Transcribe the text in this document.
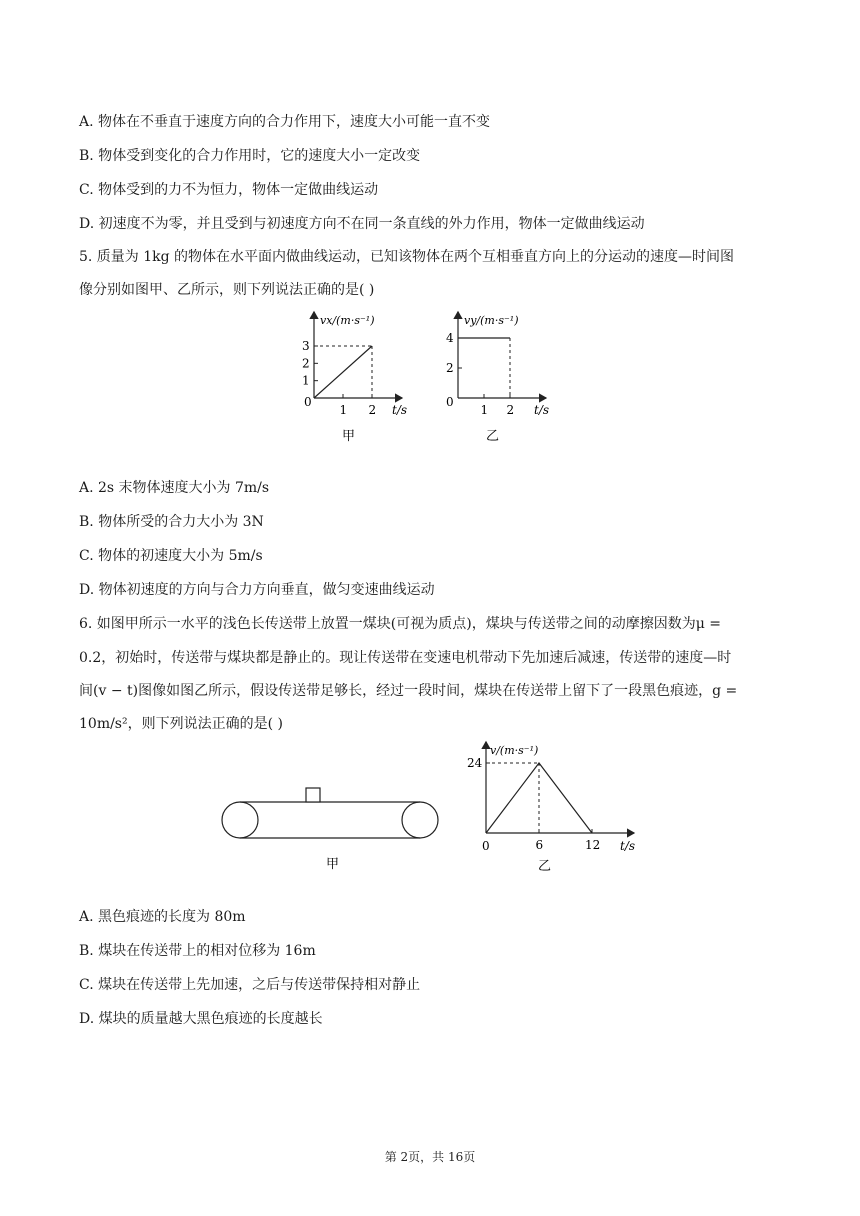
A. 物体在不垂直于速度方向的合力作用下，速度大小可能一直不变
B. 物体受到变化的合力作用时，它的速度大小一定改变
C. 物体受到的力不为恒力，物体一定做曲线运动
D. 初速度不为零，并且受到与初速度方向不在同一条直线的外力作用，物体一定做曲线运动
5. 质量为 1kg 的物体在水平面内做曲线运动，已知该物体在两个互相垂直方向上的分运动的速度—时间图
像分别如图甲、乙所示，则下列说法正确的是( )
1
2
3
1 2
vx/(m·s⁻¹)
0
t/s
甲
2
4
1 2
vy/(m·s⁻¹)
0
t/s
乙
A. 2s 末物体速度大小为 7m/s
B. 物体所受的合力大小为 3N
C. 物体的初速度大小为 5m/s
D. 物体初速度的方向与合力方向垂直，做匀变速曲线运动
6. 如图甲所示一水平的浅色长传送带上放置一煤块(可视为质点)，煤块与传送带之间的动摩擦因数为μ =
0.2，初始时，传送带与煤块都是静止的。现让传送带在变速电机带动下先加速后减速，传送带的速度—时
间(v − t)图像如图乙所示，假设传送带足够长，经过一段时间，煤块在传送带上留下了一段黑色痕迹，g =
10m/s²，则下列说法正确的是( )
甲
24
6	12
v/(m·s⁻¹)
0	t/s
乙
A. 黑色痕迹的长度为 80m
B. 煤块在传送带上的相对位移为 16m
C. 煤块在传送带上先加速，之后与传送带保持相对静止
D. 煤块的质量越大黑色痕迹的长度越长
第 2页，共 16页
